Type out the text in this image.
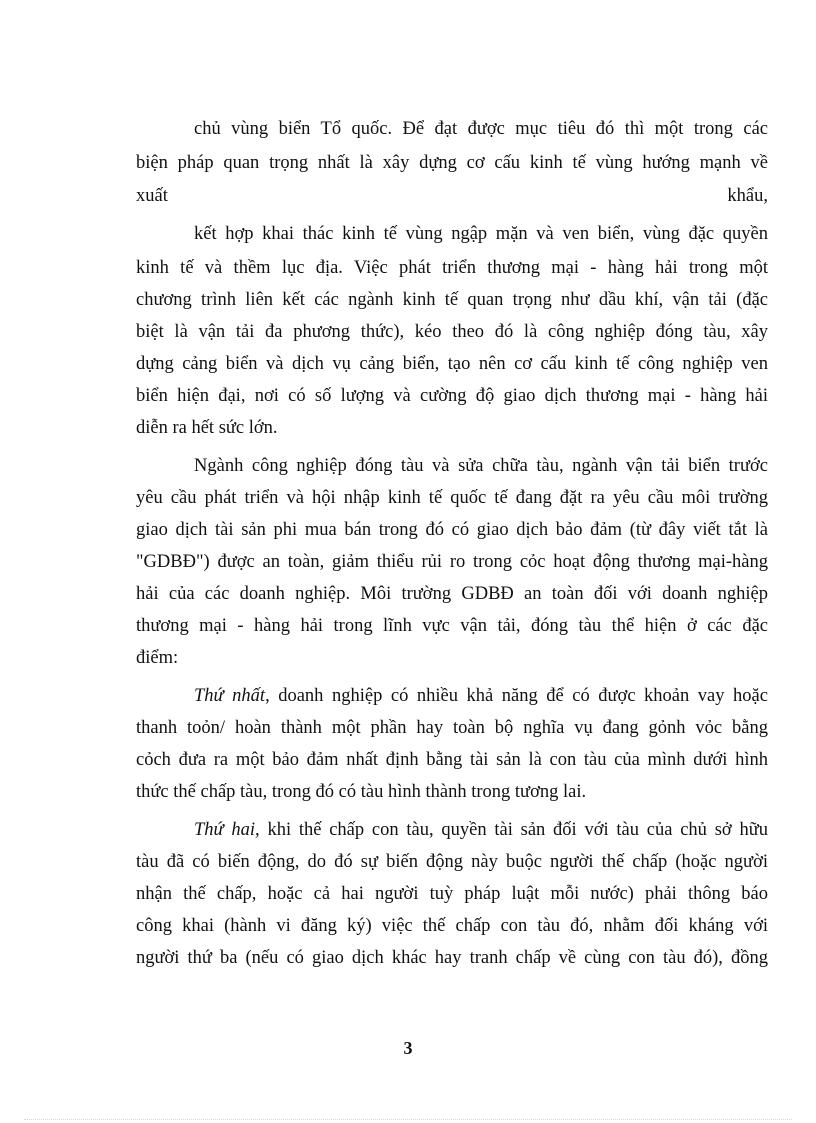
chủ vùng biển Tổ quốc. Để đạt được mục tiêu đó thì một trong các
biện pháp quan trọng nhất là xây dựng cơ cấu kinh tế vùng hướng mạnh về
xuất	khẩu,
kết hợp khai thác kinh tế vùng ngập mặn và ven biển, vùng đặc quyền
kinh tế và thềm lục địa. Việc phát triển thương mại - hàng hải trong một
chương trình liên kết các ngành kinh tế quan trọng như dầu khí, vận tải (đặc
biệt là vận tải đa phương thức), kéo theo đó là công nghiệp đóng tàu, xây
dựng cảng biển và dịch vụ cảng biển, tạo nên cơ cấu kinh tế công nghiệp ven
biển hiện đại, nơi có số lượng và cường độ giao dịch thương mại - hàng hải
diễn ra hết sức lớn.
Ngành công nghiệp đóng tàu và sửa chữa tàu, ngành vận tải biển trước
yêu cầu phát triển và hội nhập kinh tế quốc tế đang đặt ra yêu cầu môi trường
giao dịch tài sản phi mua bán trong đó có giao dịch bảo đảm (từ đây viết tắt là
"GDBĐ") được an toàn, giảm thiểu rủi ro trong cỏc hoạt động thương mại-hàng
hải của các doanh nghiệp. Môi trường GDBĐ an toàn đối với doanh nghiệp
thương mại - hàng hải trong lĩnh vực vận tải, đóng tàu thể hiện ở các đặc
điểm:
Thứ nhất, doanh nghiệp có nhiều khả năng để có được khoản vay hoặc
thanh toỏn/ hoàn thành một phần hay toàn bộ nghĩa vụ đang gỏnh vỏc bằng
cỏch đưa ra một bảo đảm nhất định bằng tài sản là con tàu của mình dưới hình
thức thế chấp tàu, trong đó có tàu hình thành trong tương lai.
Thứ hai, khi thế chấp con tàu, quyền tài sản đối với tàu của chủ sở hữu
tàu đã có biến động, do đó sự biến động này buộc người thế chấp (hoặc người
nhận thế chấp, hoặc cả hai người tuỳ pháp luật mỗi nước) phải thông báo
công khai (hành vi đăng ký) việc thế chấp con tàu đó, nhằm đối kháng với
người thứ ba (nếu có giao dịch khác hay tranh chấp về cùng con tàu đó), đồng
3
